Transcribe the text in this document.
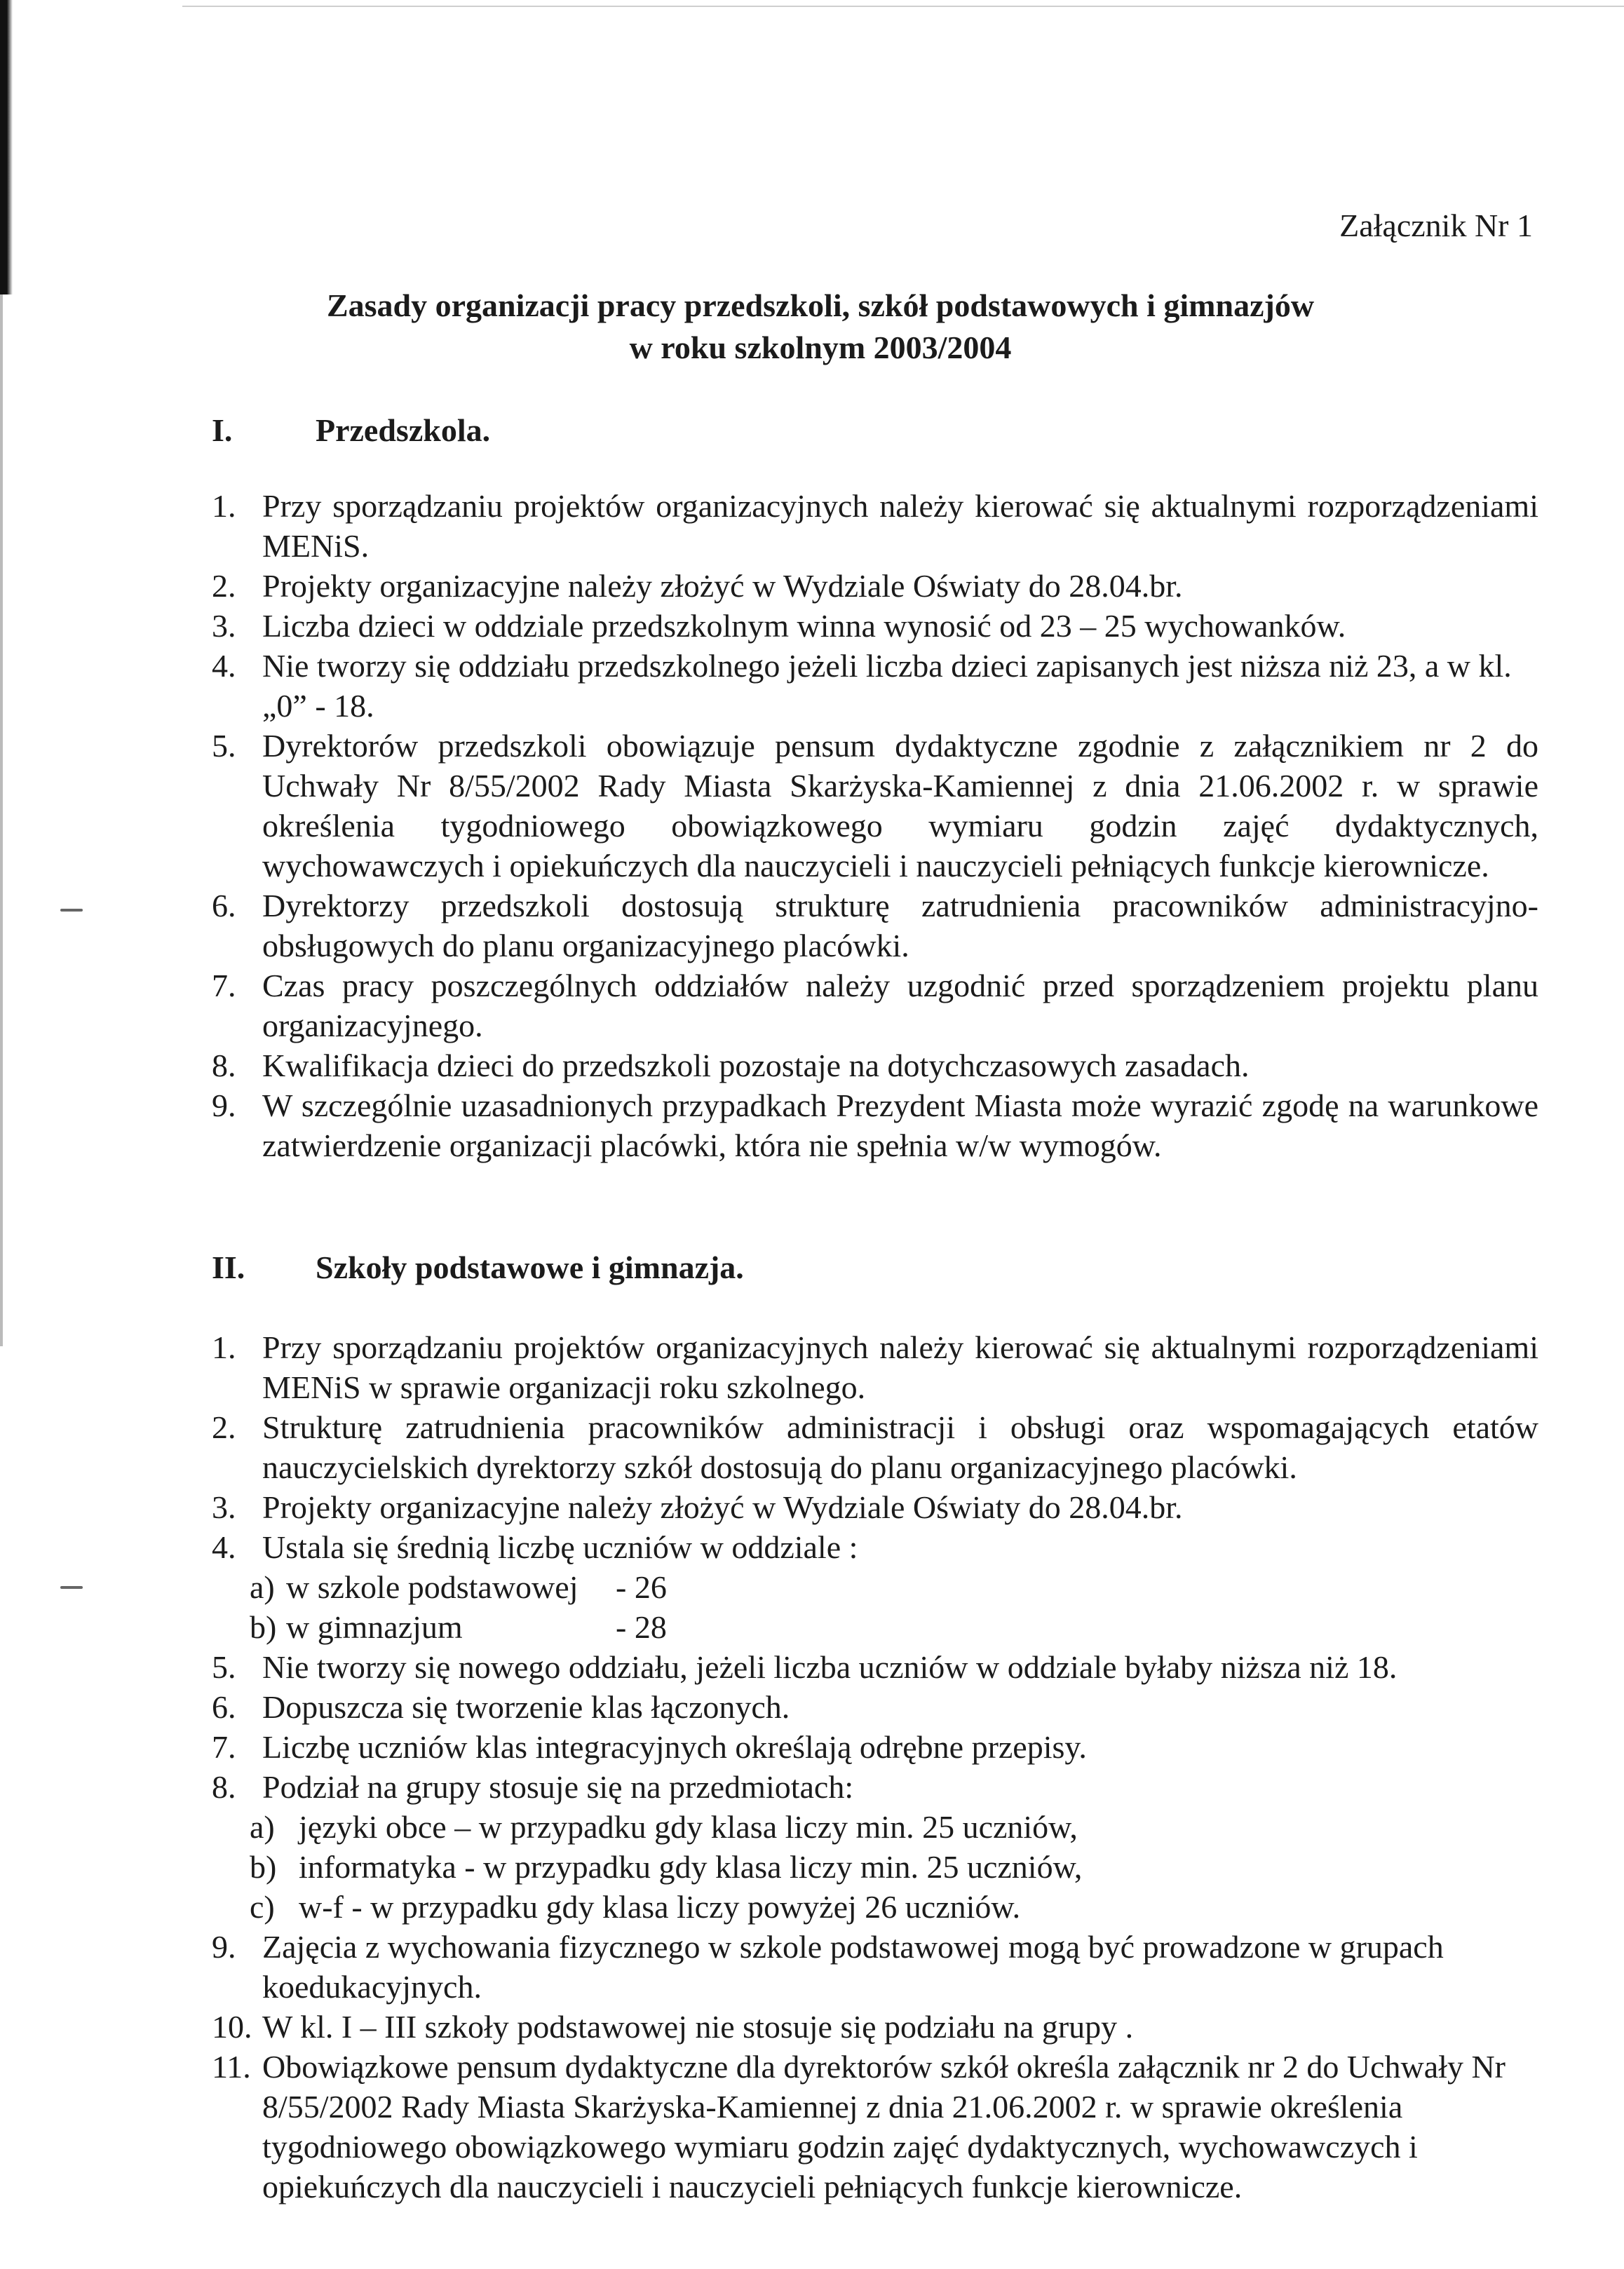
Załącznik Nr 1
Zasady organizacji pracy przedszkoli, szkół podstawowych i gimnazjów
w roku szkolnym 2003/2004
I.	Przedszkola.
1. Przy sporządzaniu projektów organizacyjnych należy kierować się aktualnymi rozporządzeniami MENiS.
2. Projekty organizacyjne należy złożyć w Wydziale Oświaty do 28.04.br.
3. Liczba dzieci w oddziale przedszkolnym winna wynosić od 23 – 25 wychowanków.
4. Nie tworzy się oddziału przedszkolnego jeżeli liczba dzieci zapisanych jest niższa niż 23, a w kl. „0” - 18.
5. Dyrektorów przedszkoli obowiązuje pensum dydaktyczne zgodnie z załącznikiem nr 2 do Uchwały Nr 8/55/2002 Rady Miasta Skarżyska-Kamiennej z dnia 21.06.2002 r. w sprawie określenia tygodniowego obowiązkowego wymiaru godzin zajęć dydaktycznych, wychowawczych i opiekuńczych dla nauczycieli i nauczycieli pełniących funkcje kierownicze.
6. Dyrektorzy przedszkoli dostosują strukturę zatrudnienia pracowników administracyjno-obsługowych do planu organizacyjnego placówki.
7. Czas pracy poszczególnych oddziałów należy uzgodnić przed sporządzeniem projektu planu organizacyjnego.
8. Kwalifikacja dzieci do przedszkoli pozostaje na dotychczasowych zasadach.
9. W szczególnie uzasadnionych przypadkach Prezydent Miasta może wyrazić zgodę na warunkowe zatwierdzenie organizacji placówki, która nie spełnia w/w wymogów.
II.	Szkoły podstawowe i gimnazja.
1. Przy sporządzaniu projektów organizacyjnych należy kierować się aktualnymi rozporządzeniami MENiS w sprawie organizacji roku szkolnego.
2. Strukturę zatrudnienia pracowników administracji i obsługi oraz wspomagających etatów nauczycielskich dyrektorzy szkół dostosują do planu organizacyjnego placówki.
3. Projekty organizacyjne należy złożyć w Wydziale Oświaty do 28.04.br.
4. Ustala się średnią liczbę uczniów w oddziale :
a) w szkole podstawowej	- 26
b) w gimnazjum	- 28
5. Nie tworzy się nowego oddziału, jeżeli liczba uczniów w oddziale byłaby niższa niż 18.
6. Dopuszcza się tworzenie klas łączonych.
7. Liczbę uczniów klas integracyjnych określają odrębne przepisy.
8. Podział na grupy stosuje się na przedmiotach:
a) języki obce – w przypadku gdy klasa liczy min. 25 uczniów,
b) informatyka - w przypadku gdy klasa liczy min. 25 uczniów,
c) w-f - w przypadku gdy klasa liczy powyżej 26 uczniów.
9. Zajęcia z wychowania fizycznego w szkole podstawowej mogą być prowadzone w grupach koedukacyjnych.
10. W kl. I – III szkoły podstawowej nie stosuje się podziału na grupy .
11. Obowiązkowe pensum dydaktyczne dla dyrektorów szkół określa załącznik nr 2 do Uchwały Nr 8/55/2002 Rady Miasta Skarżyska-Kamiennej z dnia 21.06.2002 r. w sprawie określenia tygodniowego obowiązkowego wymiaru godzin zajęć dydaktycznych, wychowawczych i opiekuńczych dla nauczycieli i nauczycieli pełniących funkcje kierownicze.
